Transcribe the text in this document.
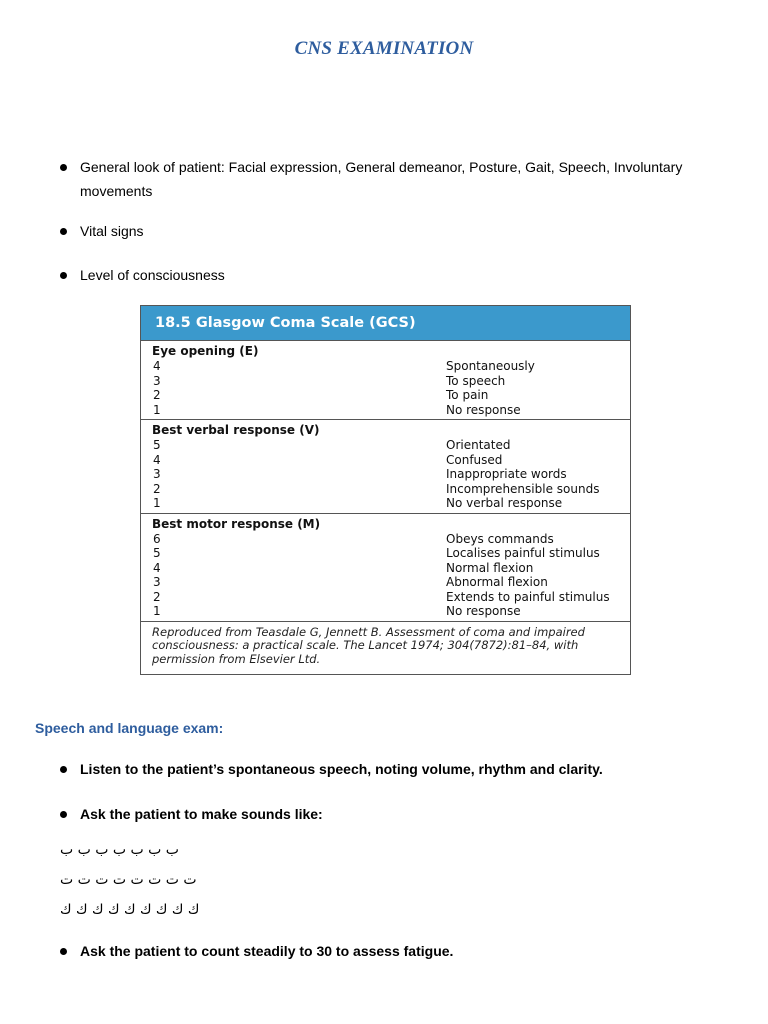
CNS EXAMINATION
General look of patient: Facial expression, General demeanor, Posture, Gait, Speech, Involuntary movements
Vital signs
Level of consciousness
18.5 Glasgow Coma Scale (GCS)
Eye opening (E)
4	Spontaneously
3	To speech
2	To pain
1	No response
Best verbal response (V)
5	Orientated
4	Confused
3	Inappropriate words
2	Incomprehensible sounds
1	No verbal response
Best motor response (M)
6	Obeys commands
5	Localises painful stimulus
4	Normal flexion
3	Abnormal flexion
2	Extends to painful stimulus
1	No response
Reproduced from Teasdale G, Jennett B. Assessment of coma and impaired consciousness: a practical scale. The Lancet 1974; 304(7872):81–84, with permission from Elsevier Ltd.
Speech and language exam:
Listen to the patient’s spontaneous speech, noting volume, rhythm and clarity.
Ask the patient to make sounds like:
ب ب ب ب ب ب ب
ت ت ت ت ت ت ت ت
ك ك ك ك ك ك ك ك ك
Ask the patient to count steadily to 30 to assess fatigue.
